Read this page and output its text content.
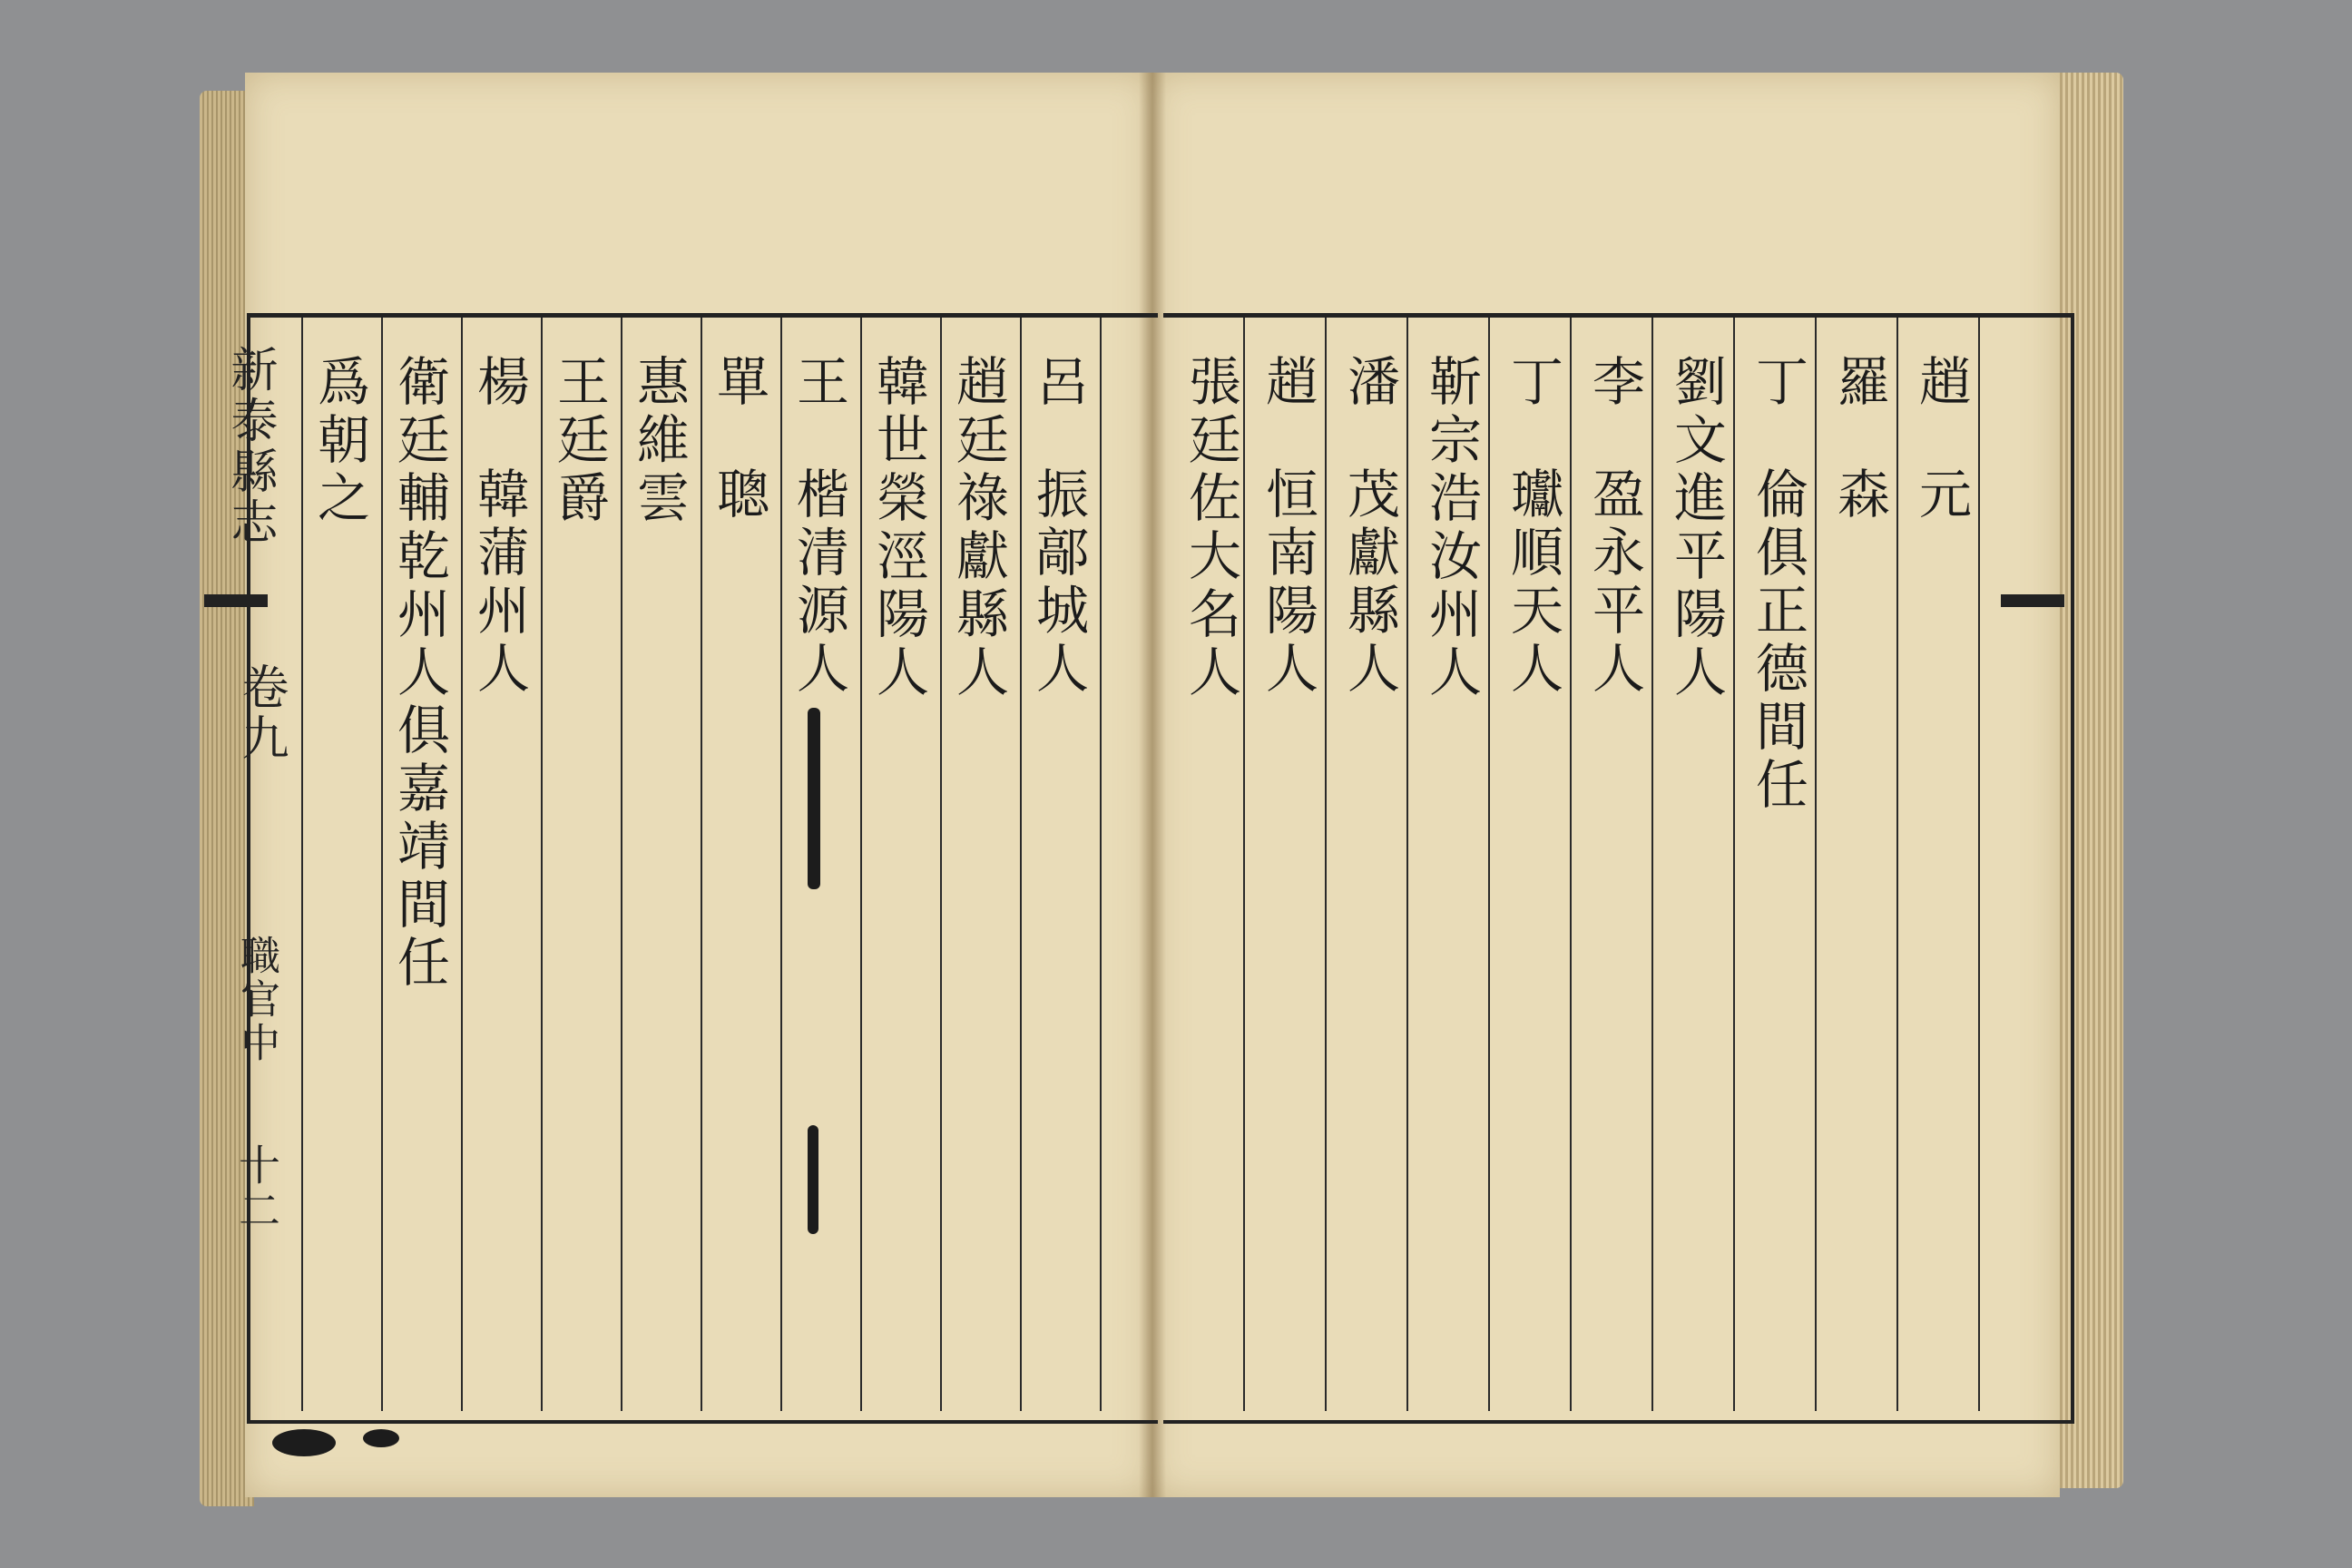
新泰縣志
卷九
職官中
十二
爲朝之 衛廷輔乾州人俱嘉靖間任
楊韓蒲州人
王廷爵 惠維雲 單聰
王楷清源人
韓世榮涇陽人
趙廷祿獻縣人
呂振鄗城人
張廷佐大名人
趙恒南陽人
潘茂獻縣人
靳宗浩汝州人
丁瓛順天人
李盈永平人
劉文進平陽人
丁倫俱正德間任
羅森
趙元
